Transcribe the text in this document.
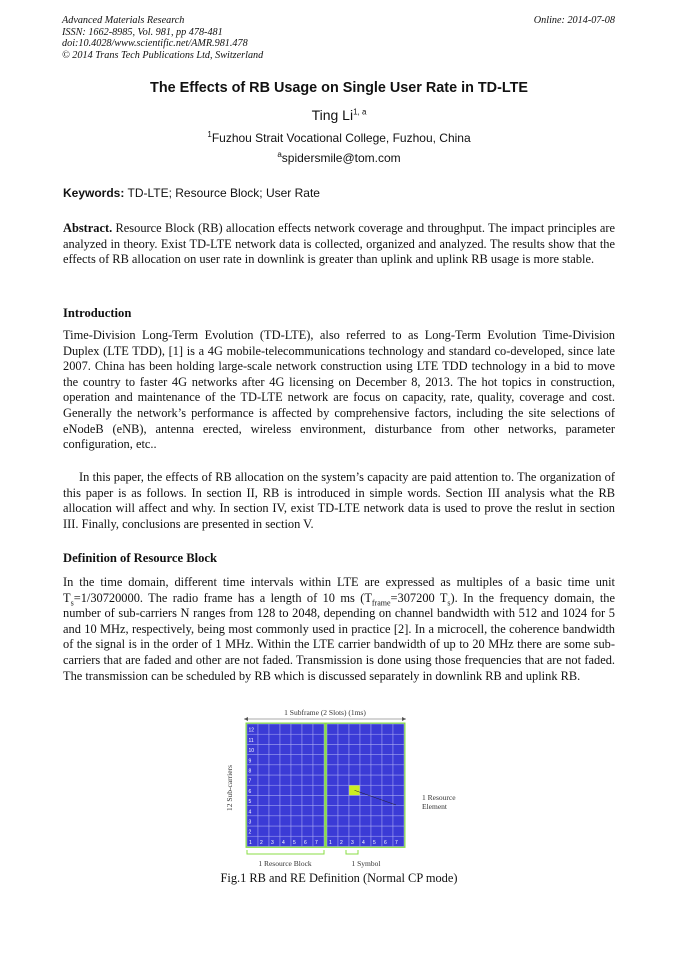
Advanced Materials Research
ISSN: 1662-8985, Vol. 981, pp 478-481
doi:10.4028/www.scientific.net/AMR.981.478
© 2014 Trans Tech Publications Ltd, Switzerland
Online: 2014-07-08
The Effects of RB Usage on Single User Rate in TD-LTE
Ting Li$^{1, a}$
$^1$Fuzhou Strait Vocational College, Fuzhou, China
$^a$spidersmile@tom.com
Keywords: TD-LTE; Resource Block; User Rate

Abstract. Resource Block (RB) allocation effects network coverage and throughput. The impact principles are analyzed in theory. Exist TD-LTE network data is collected, organized and analyzed. The results show that the effects of RB allocation on user rate in downlink is greater than uplink and uplink RB usage is more stable.

Introduction

Time-Division Long-Term Evolution (TD-LTE), also referred to as Long-Term Evolution Time-Division Duplex (LTE TDD), [1] is a 4G mobile-telecommunications technology and standard co-developed, since late 2007. China has been holding large-scale network construction using LTE TDD technology in a bid to move the country to faster 4G networks after 4G licensing on December 8, 2013. The hot topics in construction, operation and maintenance of the TD-LTE network are focus on capacity, rate, quality, coverage and cost. Generally the network’s performance is affected by comprehensive factors, including the site selections of eNodeB (eNB), antenna erected, wireless environment, disturbance from other networks, parameter configuration, etc..

In this paper, the effects of RB allocation on the system’s capacity are paid attention to. The organization of this paper is as follows. In section II, RB is introduced in simple words. Section III analysis what the RB allocation will affect and why. In section IV, exist TD-LTE network data is used to prove the reslut in section III. Finally, conclusions are presented in section V.

Definition of Resource Block

In the time domain, different time intervals within LTE are expressed as multiples of a basic time unit $T_s=1/30720000$. The radio frame has a length of 10 ms ($T_{frame}=307200$ $T_s$). In the frequency domain, the number of sub-carriers N ranges from 128 to 2048, depending on channel bandwidth with 512 and 1024 for 5 and 10 MHz, respectively, being most commonly used in practice [2]. In a microcell, the coherence bandwidth of the signal is in the order of 1 MHz. Within the LTE carrier bandwidth of up to 20 MHz there are some sub-carriers that are faded and other are not faded. Transmission is done using those frequencies that are not faded. The transmission can be scheduled by RB which is discussed separately in downlink RB and uplink RB.

1 Subframe (2 Slots) (1ms)
12 Sub-carriers
1 2 3 4 5 6 7 1 2 3 4 5 6 7
2
3
4
5
6
7
8
9
10
11
12
1 Resource
Element
1 Resource Block	1 Symbol
Fig.1 RB and RE Definition (Normal CP mode)
